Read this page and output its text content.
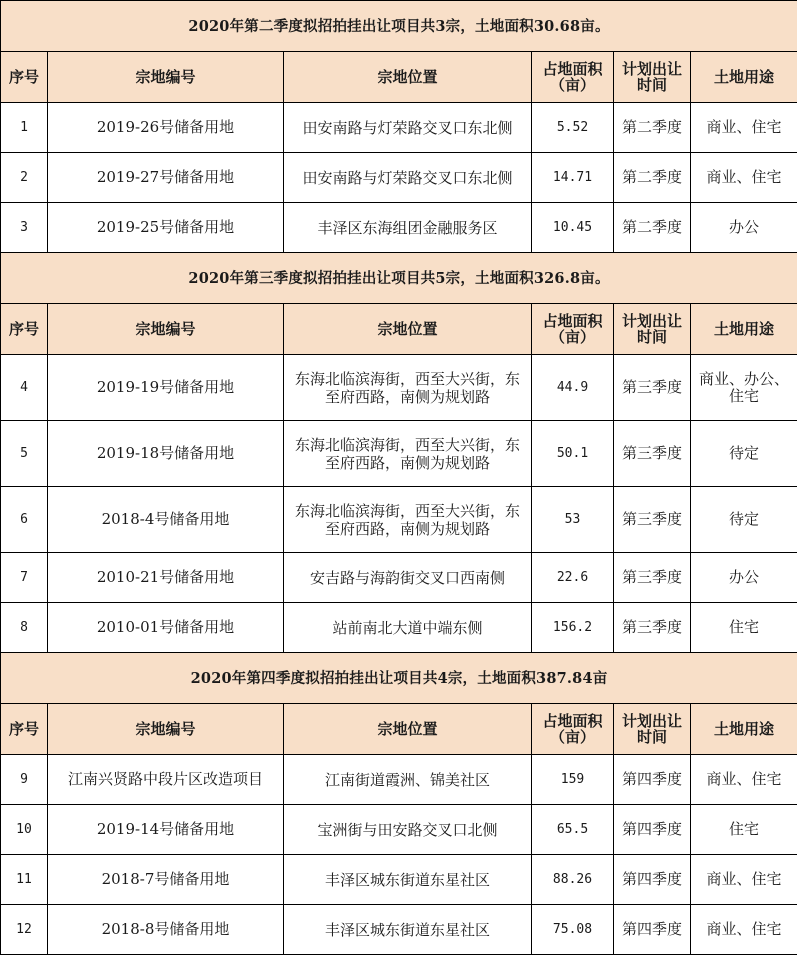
2020年第二季度拟招拍挂出让项目共3宗，土地面积30.68亩。					
序号	宗地编号	宗地位置	占地面积（亩）	计划出让时间	土地用途
1	2019-26号储备用地	田安南路与灯荣路交叉口东北侧	5.52	第二季度	商业、住宅
2	2019-27号储备用地	田安南路与灯荣路交叉口东北侧	14.71	第二季度	商业、住宅
3	2019-25号储备用地	丰泽区东海组团金融服务区	10.45	第二季度	办公
2020年第三季度拟招拍挂出让项目共5宗，土地面积326.8亩。					
序号	宗地编号	宗地位置	占地面积（亩）	计划出让时间	土地用途
4	2019-19号储备用地	东海北临滨海街，西至大兴街，东至府西路，南侧为规划路	44.9	第三季度	商业、办公、住宅
5	2019-18号储备用地	东海北临滨海街，西至大兴街，东至府西路，南侧为规划路	50.1	第三季度	待定
6	2018-4号储备用地	东海北临滨海街，西至大兴街，东至府西路，南侧为规划路	53	第三季度	待定
7	2010-21号储备用地	安吉路与海韵街交叉口西南侧	22.6	第三季度	办公
8	2010-01号储备用地	站前南北大道中端东侧	156.2	第三季度	住宅
2020年第四季度拟招拍挂出让项目共4宗，土地面积387.84亩					
序号	宗地编号	宗地位置	占地面积（亩）	计划出让时间	土地用途
9	江南兴贤路中段片区改造项目	江南街道霞洲、锦美社区	159	第四季度	商业、住宅
10	2019-14号储备用地	宝洲街与田安路交叉口北侧	65.5	第四季度	住宅
11	2018-7号储备用地	丰泽区城东街道东星社区	88.26	第四季度	商业、住宅
12	2018-8号储备用地	丰泽区城东街道东星社区	75.08	第四季度	商业、住宅
